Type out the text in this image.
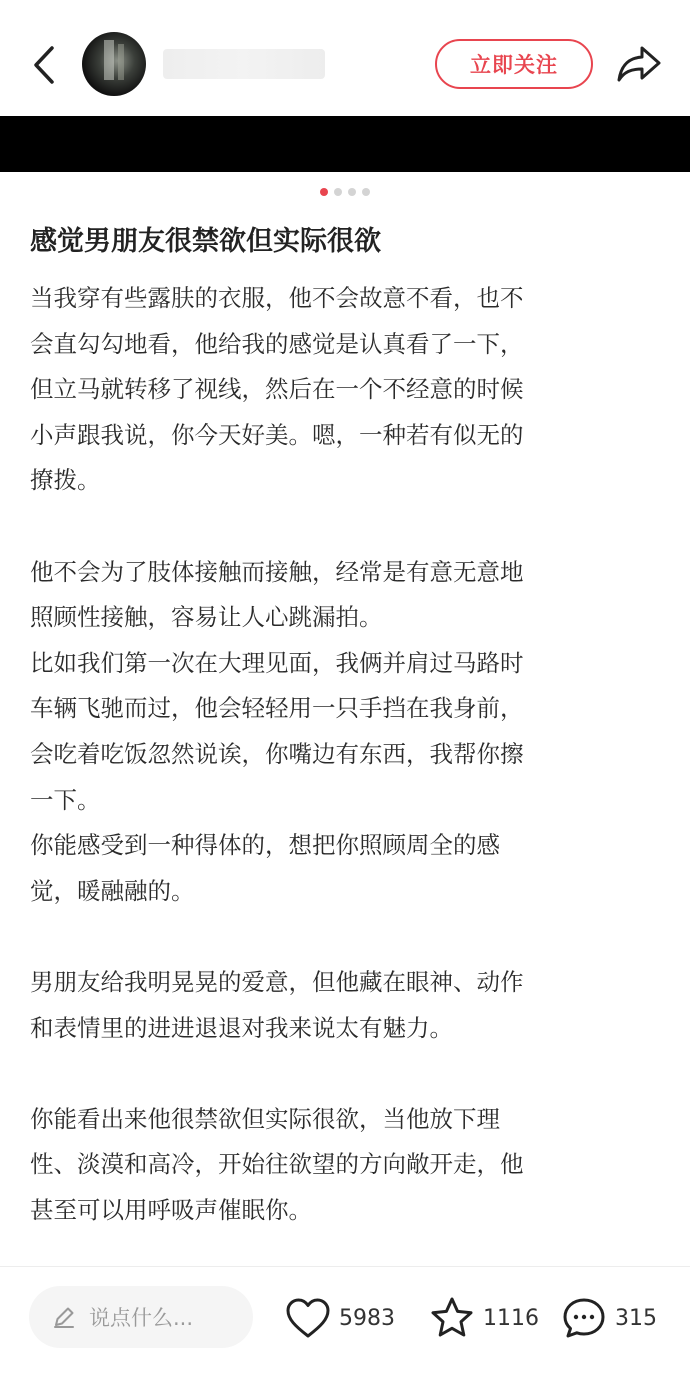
立即关注
感觉男朋友很禁欲但实际很欲

当我穿有些露肤的衣服，他不会故意不看，也不
会直勾勾地看，他给我的感觉是认真看了一下，
但立马就转移了视线，然后在一个不经意的时候
小声跟我说，你今天好美。嗯，一种若有似无的
撩拨。

他不会为了肢体接触而接触，经常是有意无意地
照顾性接触，容易让人心跳漏拍。
比如我们第一次在大理见面，我俩并肩过马路时
车辆飞驰而过，他会轻轻用一只手挡在我身前，
会吃着吃饭忽然说诶，你嘴边有东西，我帮你擦
一下。
你能感受到一种得体的，想把你照顾周全的感
觉，暖融融的。

男朋友给我明晃晃的爱意，但他藏在眼神、动作
和表情里的进进退退对我来说太有魅力。

你能看出来他很禁欲但实际很欲，当他放下理
性、淡漠和高冷，开始往欲望的方向敞开走，他
甚至可以用呼吸声催眠你。

说点什么...	5983	1116	315
